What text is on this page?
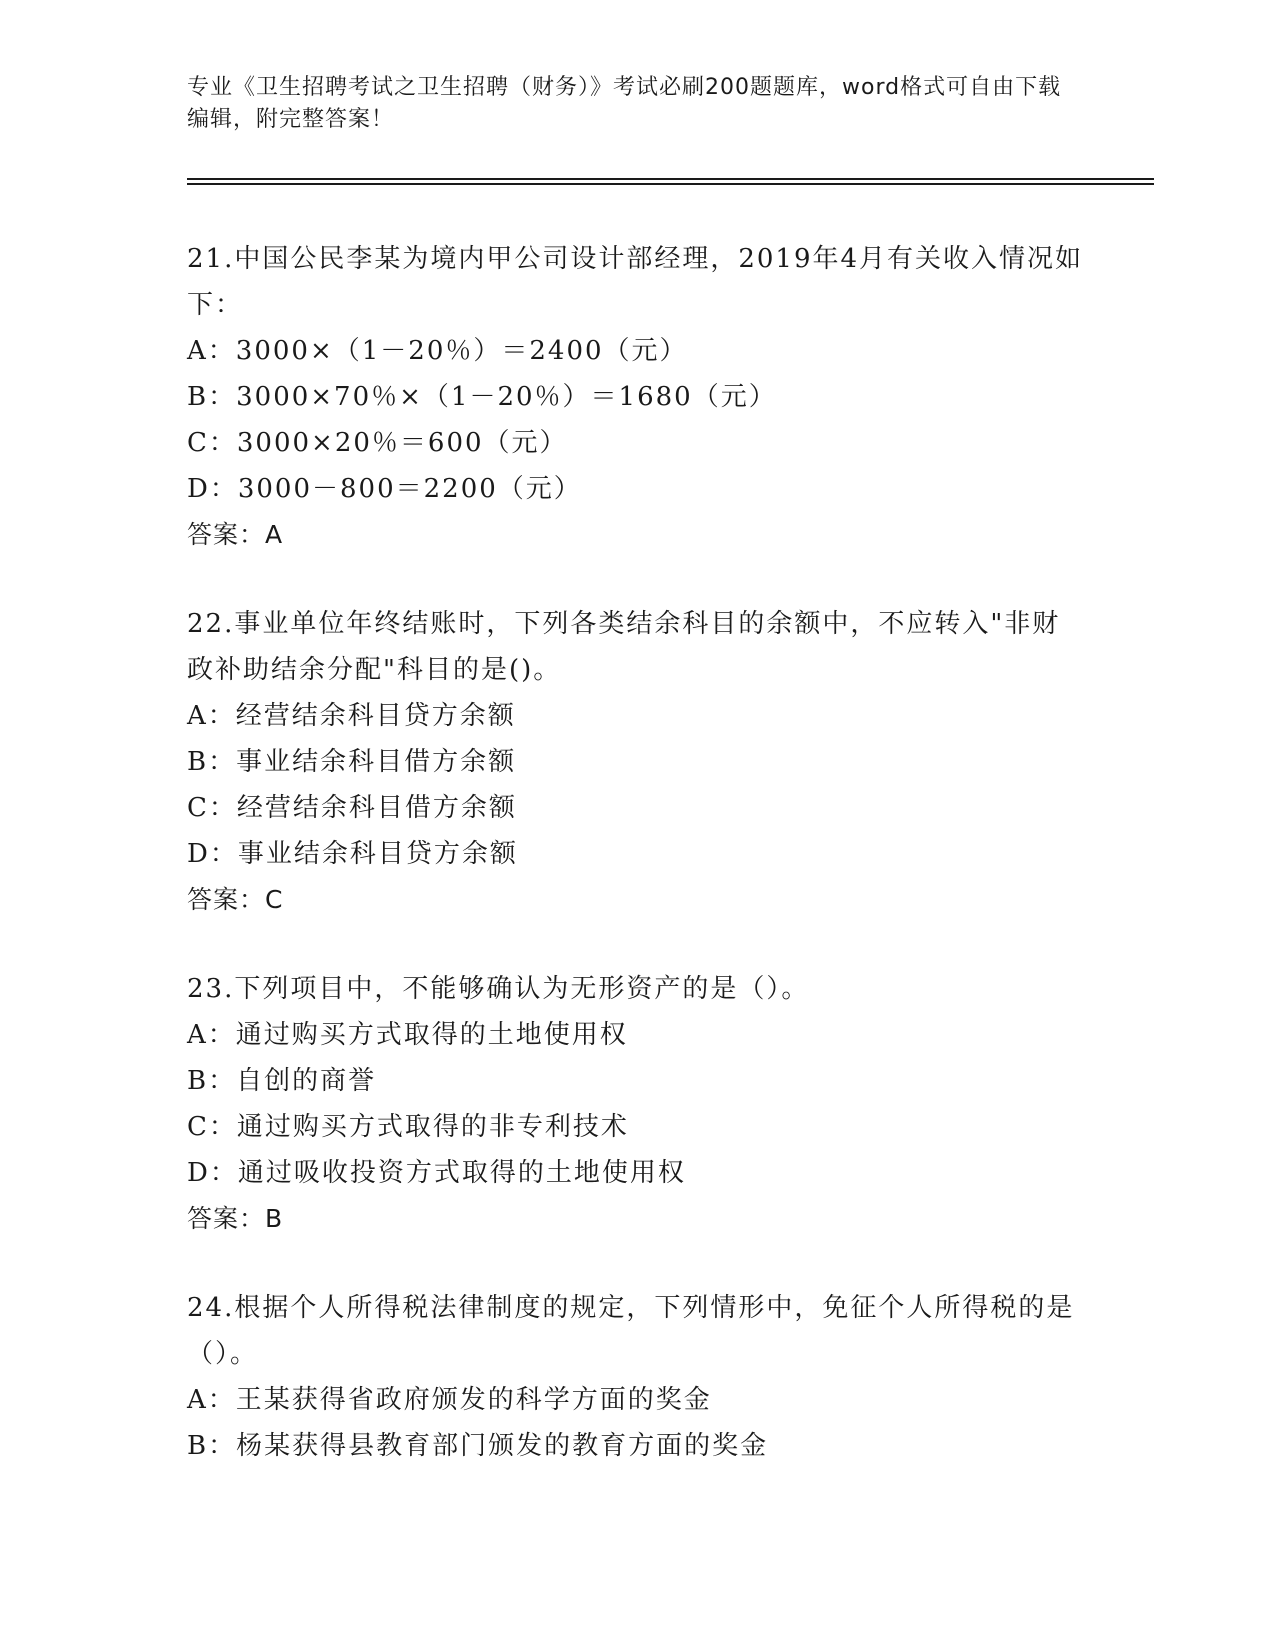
专业《卫生招聘考试之卫生招聘（财务）》考试必刷200题题库，word格式可自由下载编辑，附完整答案！

21.中国公民李某为境内甲公司设计部经理，2019年4月有关收入情况如下：

A：3000×（1－20％）＝2400（元）

B：3000×70％×（1－20％）＝1680（元）

C：3000×20％＝600（元）

D：3000－800＝2200（元）

答案：A

22.事业单位年终结账时，下列各类结余科目的余额中，不应转入"非财政补助结余分配"科目的是()。

A：经营结余科目贷方余额

B：事业结余科目借方余额

C：经营结余科目借方余额

D：事业结余科目贷方余额

答案：C

23.下列项目中，不能够确认为无形资产的是（）。

A：通过购买方式取得的土地使用权

B：自创的商誉

C：通过购买方式取得的非专利技术

D：通过吸收投资方式取得的土地使用权

答案：B

24.根据个人所得税法律制度的规定，下列情形中，免征个人所得税的是（）。

A：王某获得省政府颁发的科学方面的奖金

B：杨某获得县教育部门颁发的教育方面的奖金
